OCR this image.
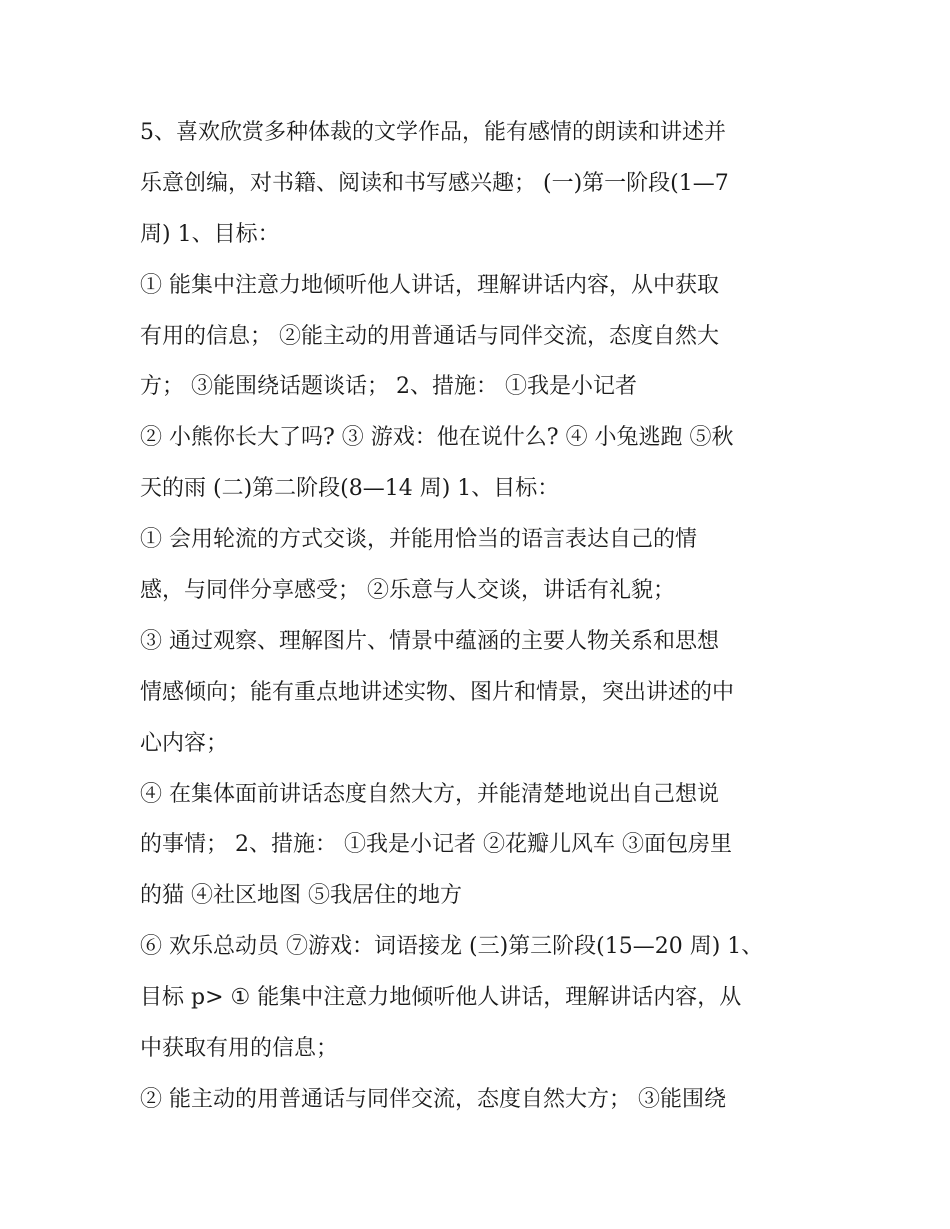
5、喜欢欣赏多种体裁的文学作品，能有感情的朗读和讲述并
乐意创编，对书籍、阅读和书写感兴趣； (一)第一阶段(1—7
周) 1、目标：
① 能集中注意力地倾听他人讲话，理解讲话内容，从中获取
有用的信息； ②能主动的用普通话与同伴交流，态度自然大
方； ③能围绕话题谈话； 2、措施： ①我是小记者
② 小熊你长大了吗? ③ 游戏：他在说什么? ④ 小兔逃跑 ⑤秋
天的雨 (二)第二阶段(8—14 周) 1、目标：
① 会用轮流的方式交谈，并能用恰当的语言表达自己的情
感，与同伴分享感受； ②乐意与人交谈，讲话有礼貌；
③ 通过观察、理解图片、情景中蕴涵的主要人物关系和思想
情感倾向；能有重点地讲述实物、图片和情景，突出讲述的中
心内容；
④ 在集体面前讲话态度自然大方，并能清楚地说出自己想说
的事情； 2、措施： ①我是小记者 ②花瓣儿风车 ③面包房里
的猫 ④社区地图 ⑤我居住的地方
⑥ 欢乐总动员 ⑦游戏：词语接龙 (三)第三阶段(15—20 周) 1、
目标 p> ① 能集中注意力地倾听他人讲话，理解讲话内容，从
中获取有用的信息；
② 能主动的用普通话与同伴交流，态度自然大方； ③能围绕
